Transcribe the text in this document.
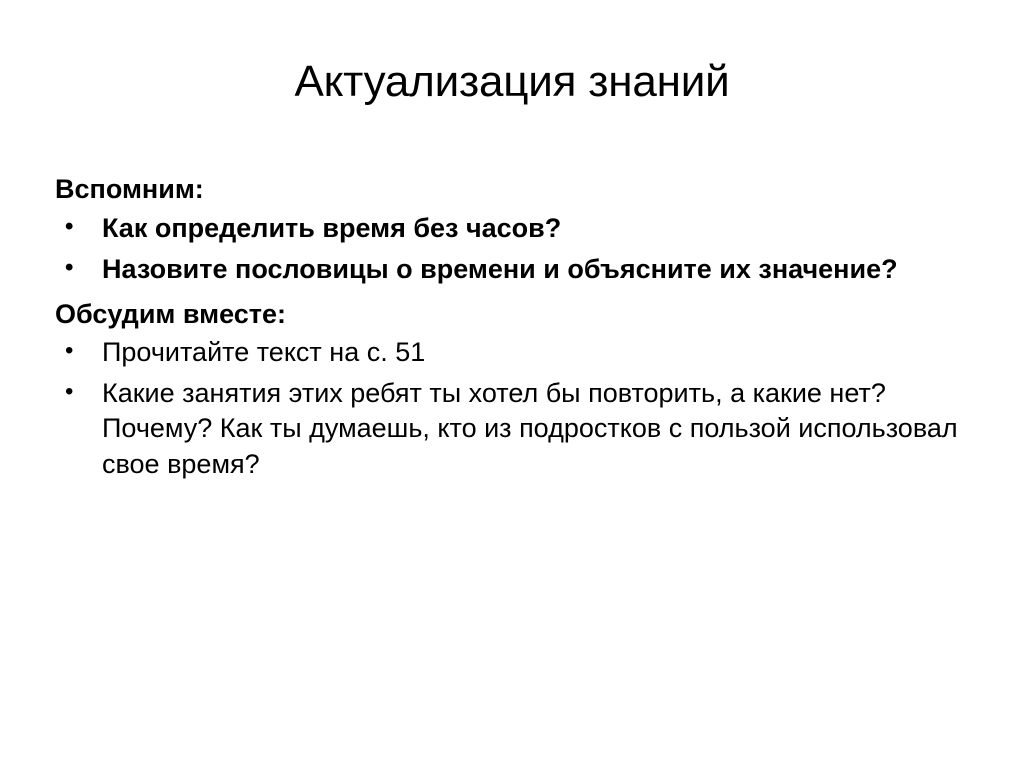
Актуализация знаний
Вспомним:
• Как определить время без часов?
• Назовите пословицы о времени и объясните их значение?
Обсудим вместе:
• Прочитайте текст на с. 51
• Какие занятия этих ребят ты хотел бы повторить, а какие нет? Почему? Как ты думаешь, кто из подростков с пользой использовал свое время?
